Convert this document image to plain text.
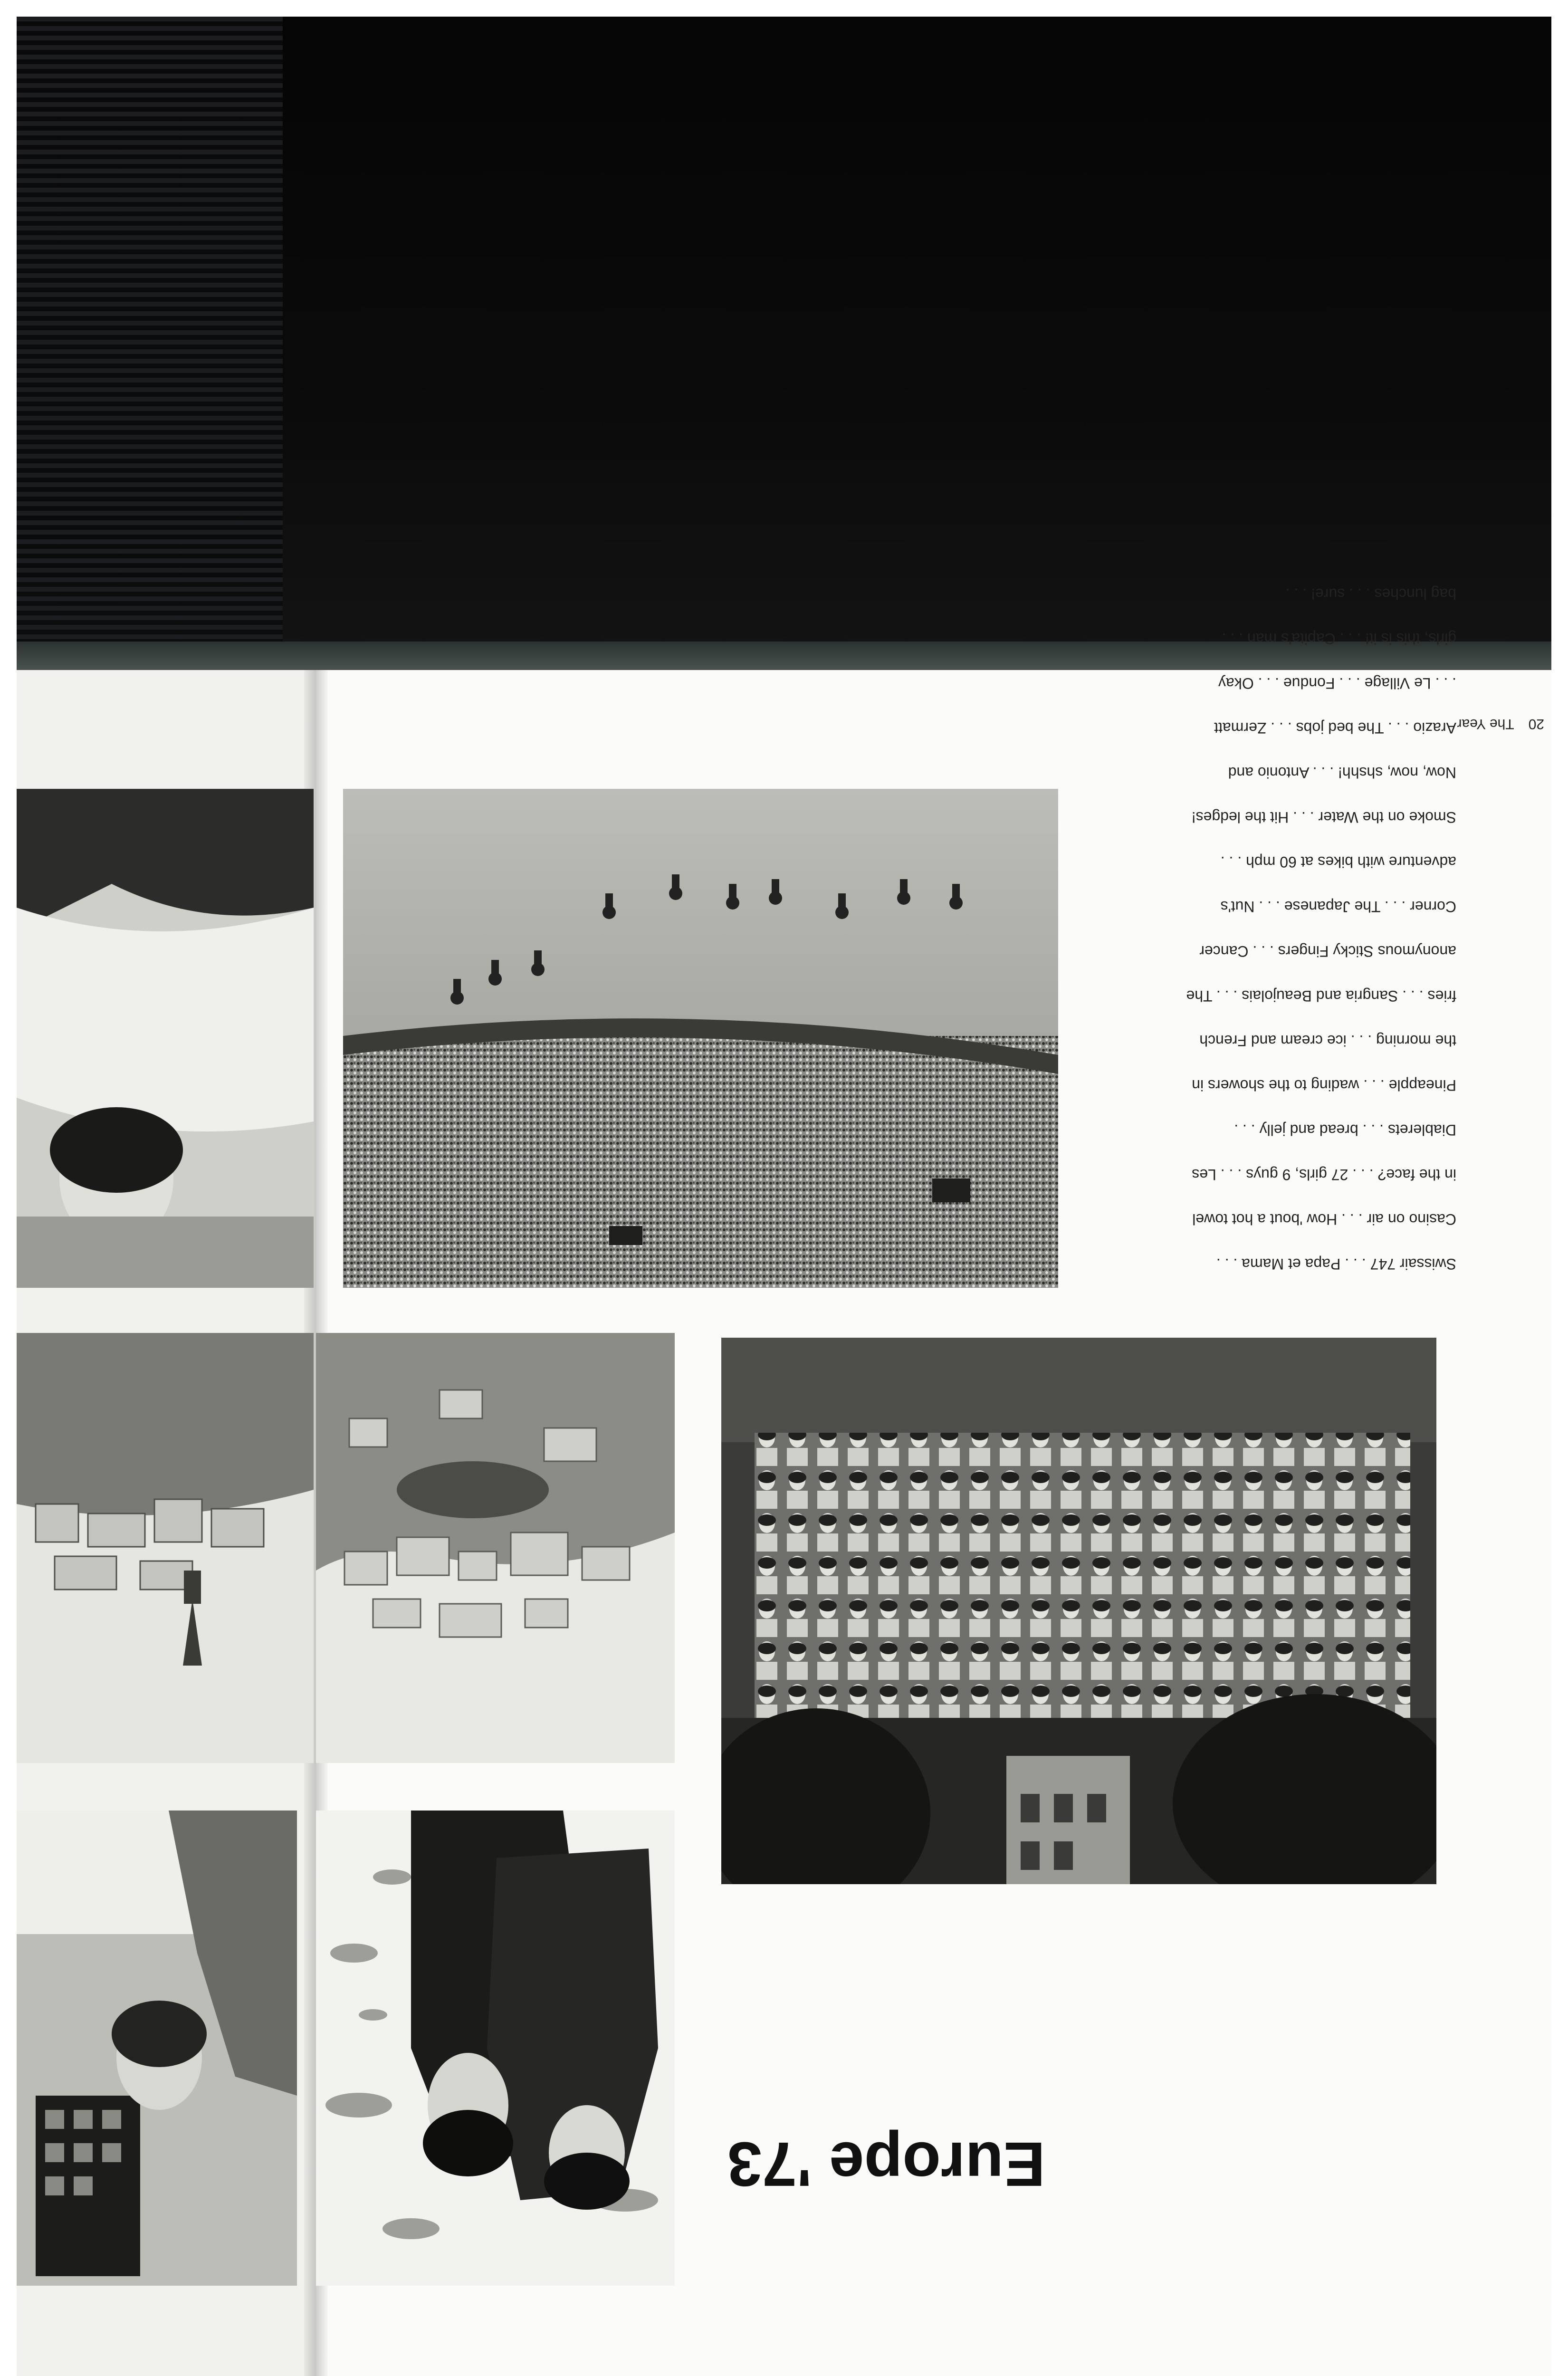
20The Year

Swissair 747 . . . Papa et Mama . . .

Casino on air . . . How 'bout a hot towel

in the face? . . . 27 girls, 9 guys . . . Les

Diablerets . . . bread and jelly . . .

Pineapple . . . wading to the showers in

the morning . . . ice cream and French

fries . . . Sangria and Beaujolais . . . The

anonymous Sticky Fingers . . . Cancer

Corner . . . The Japanese . . . Nut's

adventure with bikes at 60 mph . . .

Smoke on the Water . . . Hit the ledges!

Now, now, shshh! . . . Antonio and

Arazio . . . The bed jobs . . . Zermatt

. . . Le Village . . . Fondue . . . Okay

girls, this is it! . . . Capita's man . . .

bag lunches . . . sure! . . .

Europe '73
